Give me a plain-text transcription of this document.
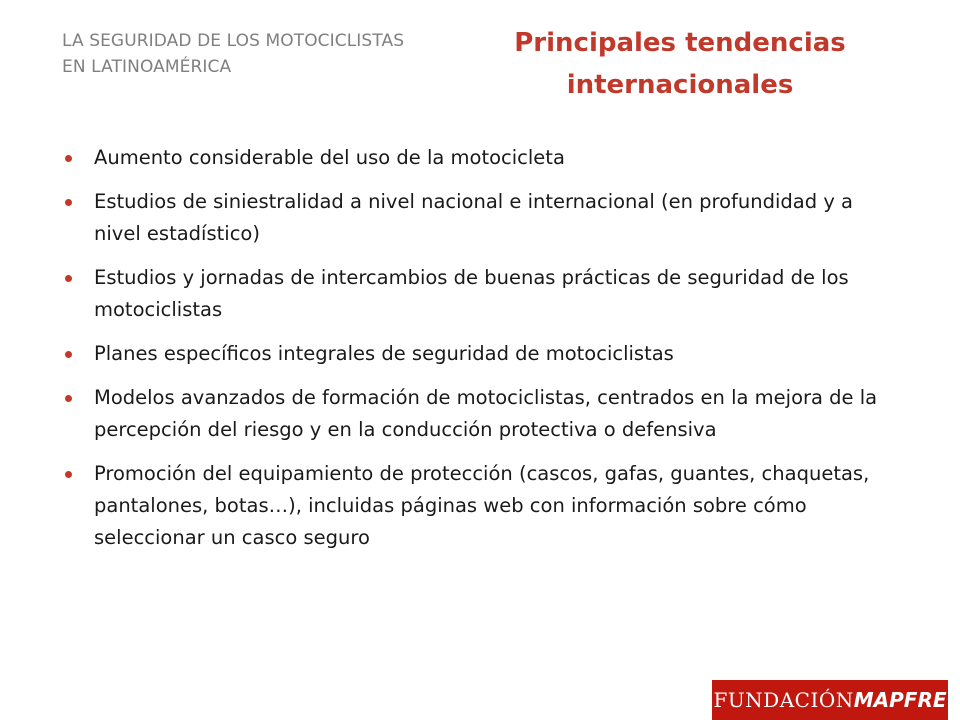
LA SEGURIDAD DE LOS MOTOCICLISTAS
EN LATINOAMÉRICA
Principales tendencias
internacionales
Aumento considerable del uso de la motocicleta
Estudios de siniestralidad a nivel nacional e internacional (en profundidad y a nivel estadístico)
Estudios y jornadas de intercambios de buenas prácticas de seguridad de los motociclistas
Planes específicos integrales de seguridad de motociclistas
Modelos avanzados de formación de motociclistas, centrados en la mejora de la percepción del riesgo y en la conducción protectiva o defensiva
Promoción del equipamiento de protección (cascos, gafas, guantes, chaquetas, pantalones, botas…), incluidas páginas web con información sobre cómo seleccionar un casco seguro
FUNDACIÓN MAPFRE
